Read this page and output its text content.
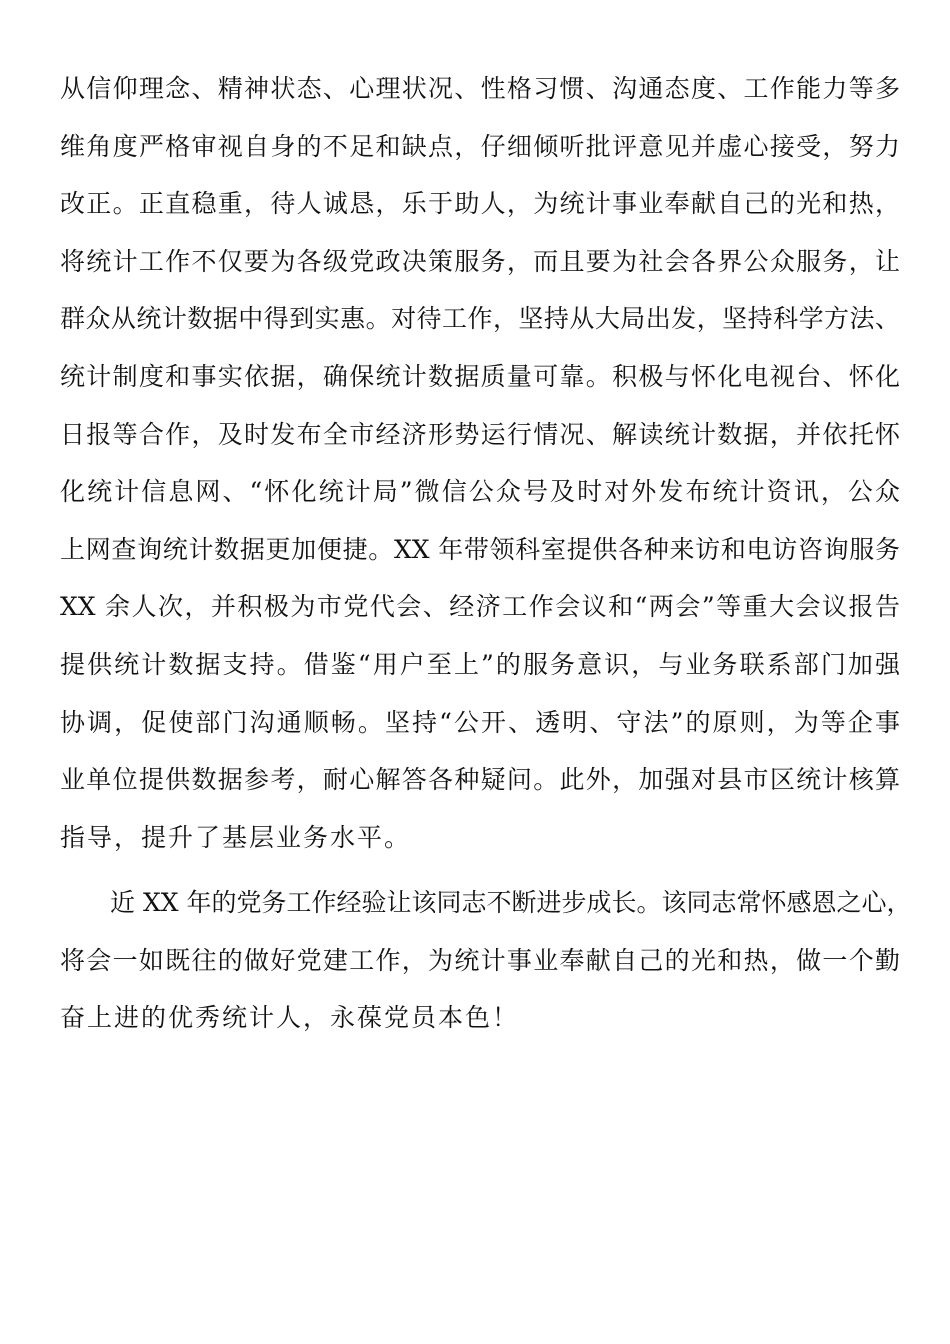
从信仰理念、精神状态、心理状况、性格习惯、沟通态度、工作能力等多
维角度严格审视自身的不足和缺点，仔细倾听批评意见并虚心接受，努力
改正。正直稳重，待人诚恳，乐于助人，为统计事业奉献自己的光和热，
将统计工作不仅要为各级党政决策服务，而且要为社会各界公众服务，让
群众从统计数据中得到实惠。对待工作，坚持从大局出发，坚持科学方法、
统计制度和事实依据，确保统计数据质量可靠。积极与怀化电视台、怀化
日报等合作，及时发布全市经济形势运行情况、解读统计数据，并依托怀
化统计信息网、“怀化统计局”微信公众号及时对外发布统计资讯，公众
上网查询统计数据更加便捷。XX 年带领科室提供各种来访和电访咨询服务
XX 余人次，并积极为市党代会、经济工作会议和“两会”等重大会议报告
提供统计数据支持。借鉴“用户至上”的服务意识，与业务联系部门加强
协调，促使部门沟通顺畅。坚持“公开、透明、守法”的原则，为等企事
业单位提供数据参考，耐心解答各种疑问。此外，加强对县市区统计核算
指导，提升了基层业务水平。
　　近 XX 年的党务工作经验让该同志不断进步成长。该同志常怀感恩之心，
将会一如既往的做好党建工作，为统计事业奉献自己的光和热，做一个勤
奋上进的优秀统计人，永葆党员本色！
